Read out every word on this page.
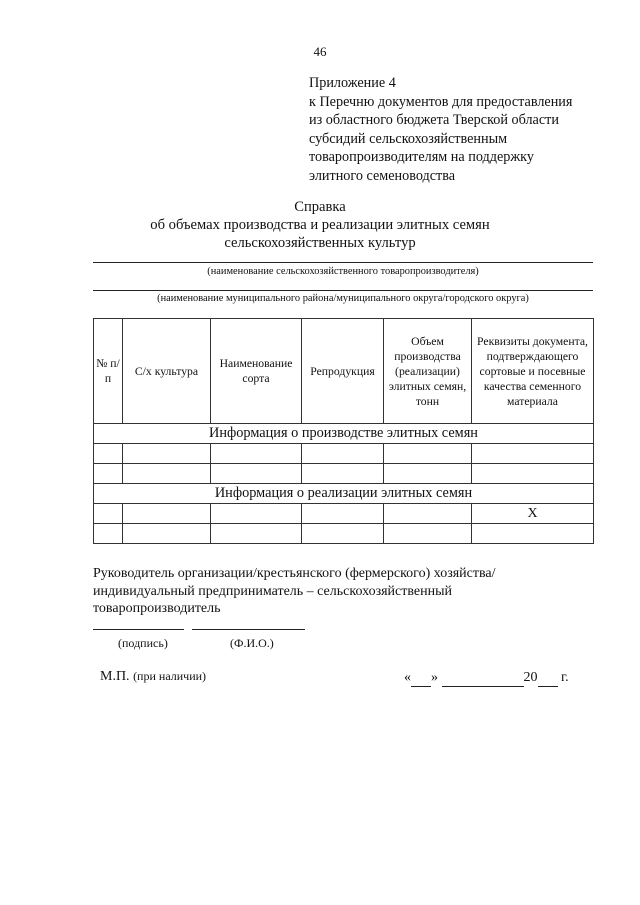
46
Приложение 4
к Перечню документов для предоставления
из областного бюджета Тверской области
субсидий сельскохозяйственным
товаропроизводителям на поддержку
элитного семеноводства
Справка
об объемах производства и реализации элитных семян
сельскохозяйственных культур
(наименование сельскохозяйственного товаропроизводителя)
(наименование муниципального района/муниципального округа/городского округа)
№ п/п	С/х культура	Наименование сорта	Репродукция	Объем производства (реализации) элитных семян, тонн	Реквизиты документа, подтверждающего сортовые и посевные качества семенного материала
Информация о производстве элитных семян					

Информация о реализации элитных семян					
					X

Руководитель организации/крестьянского (фермерского) хозяйства/
индивидуальный предприниматель – сельскохозяйственный
товаропроизводитель
(подпись)	(Ф.И.О.)
М.П. (при наличии)	« »	20 г.
